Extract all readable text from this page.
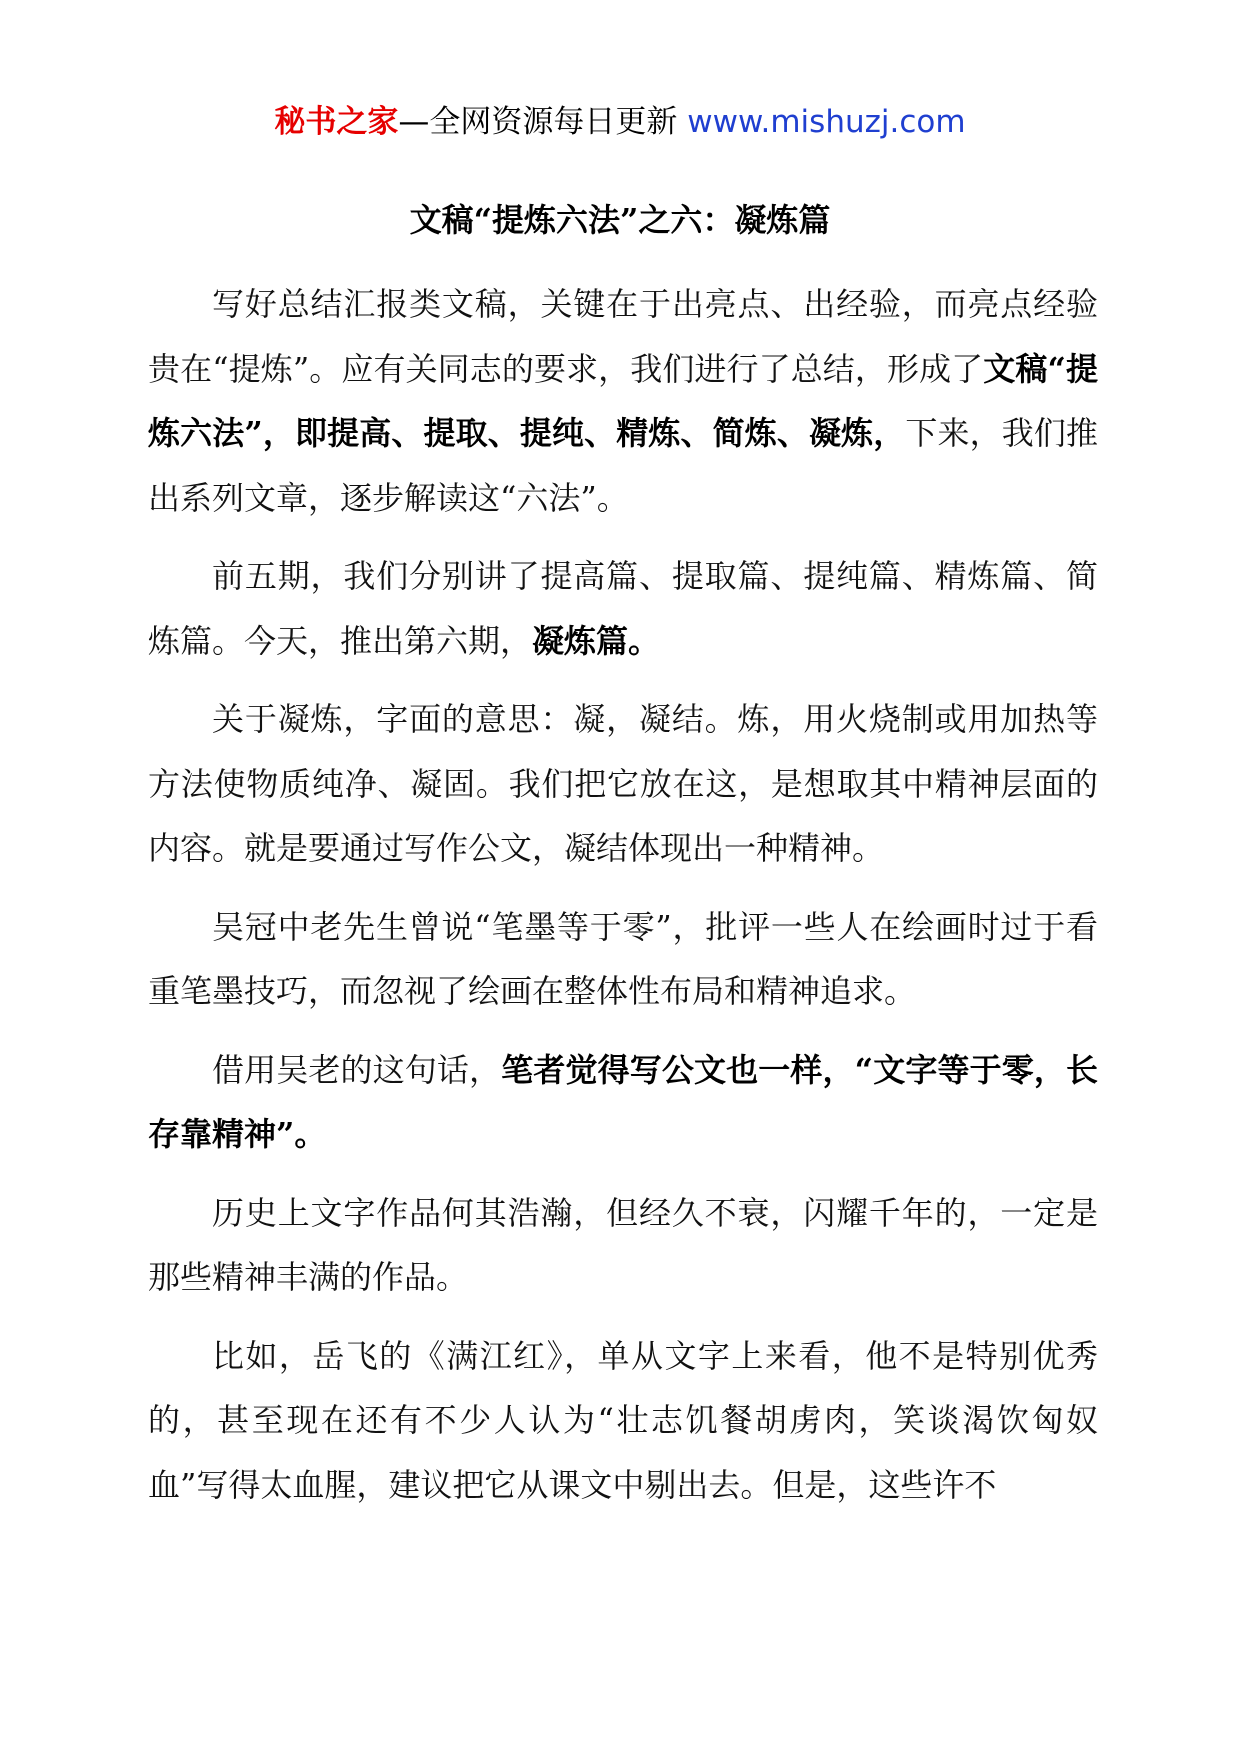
秘书之家—全网资源每日更新 www.mishuzj.com
文稿“提炼六法”之六：凝炼篇

写好总结汇报类文稿，关键在于出亮点、出经验，而亮点经验贵在“提炼”。应有关同志的要求，我们进行了总结，形成了文稿“提炼六法”，即提高、提取、提纯、精炼、简炼、凝炼，下来，我们推出系列文章，逐步解读这“六法”。

前五期，我们分别讲了提高篇、提取篇、提纯篇、精炼篇、简炼篇。今天，推出第六期，凝炼篇。

关于凝炼，字面的意思：凝，凝结。炼，用火烧制或用加热等方法使物质纯净、凝固。我们把它放在这，是想取其中精神层面的内容。就是要通过写作公文，凝结体现出一种精神。

吴冠中老先生曾说“笔墨等于零”，批评一些人在绘画时过于看重笔墨技巧，而忽视了绘画在整体性布局和精神追求。

借用吴老的这句话，笔者觉得写公文也一样，“文字等于零，长存靠精神”。

历史上文字作品何其浩瀚，但经久不衰，闪耀千年的，一定是那些精神丰满的作品。

比如，岳飞的《满江红》，单从文字上来看，他不是特别优秀的，甚至现在还有不少人认为“壮志饥餐胡虏肉，笑谈渴饮匈奴血”写得太血腥，建议把它从课文中剔出去。但是，这些许不
